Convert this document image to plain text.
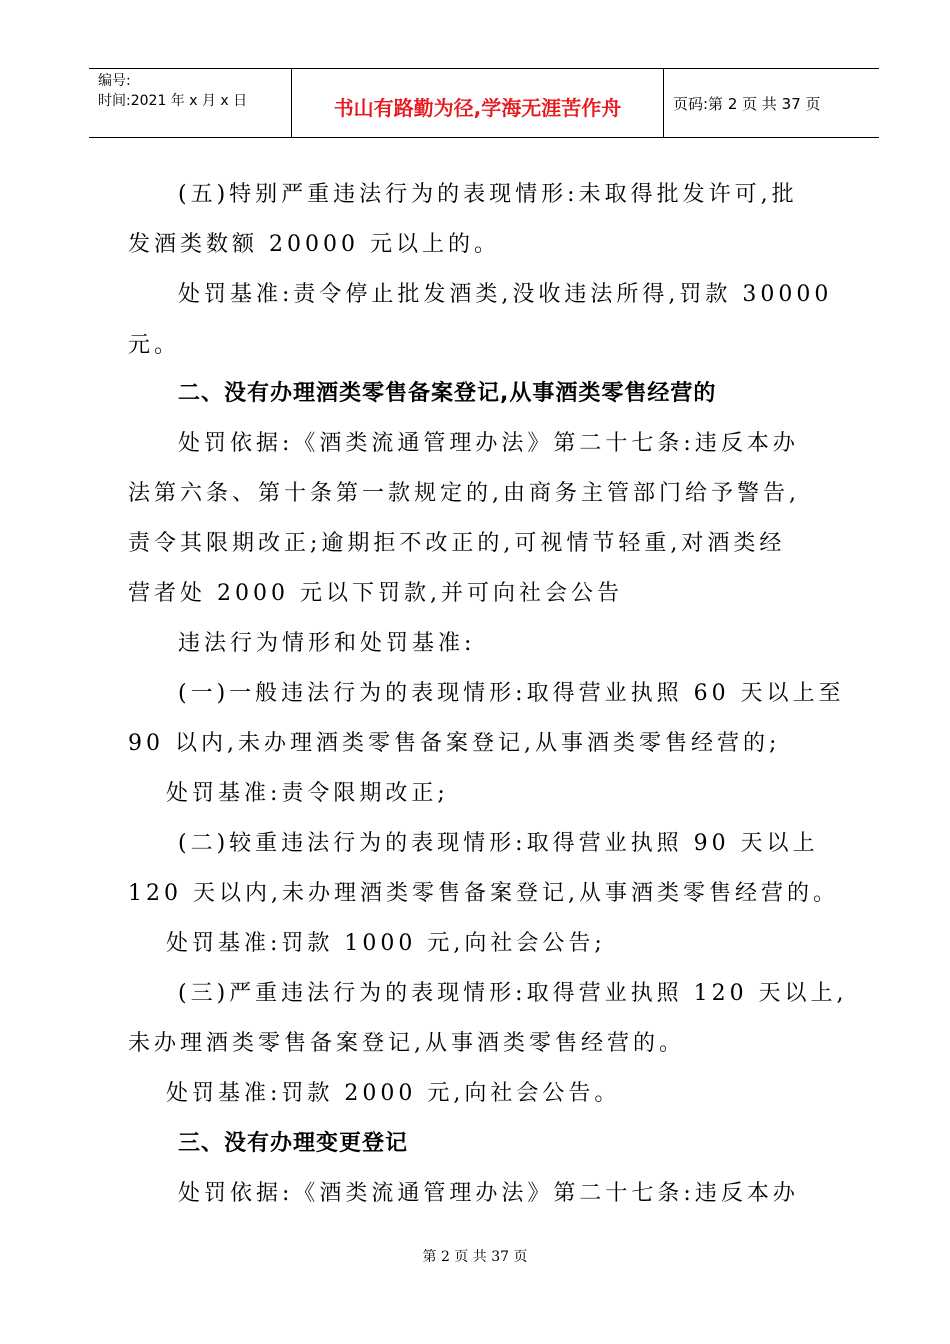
编号:
时间:2021 年 x 月 x 日	书山有路勤为径,学海无涯苦作舟	页码:第 2 页 共 37 页
(五)特别严重违法行为的表现情形:未取得批发许可,批
发酒类数额 20000 元以上的。
处罚基准:责令停止批发酒类,没收违法所得,罚款 30000
元。
二、没有办理酒类零售备案登记,从事酒类零售经营的
处罚依据:《酒类流通管理办法》第二十七条:违反本办
法第六条、第十条第一款规定的,由商务主管部门给予警告,
责令其限期改正;逾期拒不改正的,可视情节轻重,对酒类经
营者处 2000 元以下罚款,并可向社会公告
违法行为情形和处罚基准:
(一)一般违法行为的表现情形:取得营业执照 60 天以上至
90 以内,未办理酒类零售备案登记,从事酒类零售经营的;
处罚基准:责令限期改正;
(二)较重违法行为的表现情形:取得营业执照 90 天以上
120 天以内,未办理酒类零售备案登记,从事酒类零售经营的。
处罚基准:罚款 1000 元,向社会公告;
(三)严重违法行为的表现情形:取得营业执照 120 天以上,
未办理酒类零售备案登记,从事酒类零售经营的。
处罚基准:罚款 2000 元,向社会公告。
三、没有办理变更登记
处罚依据:《酒类流通管理办法》第二十七条:违反本办
第 2 页 共 37 页
